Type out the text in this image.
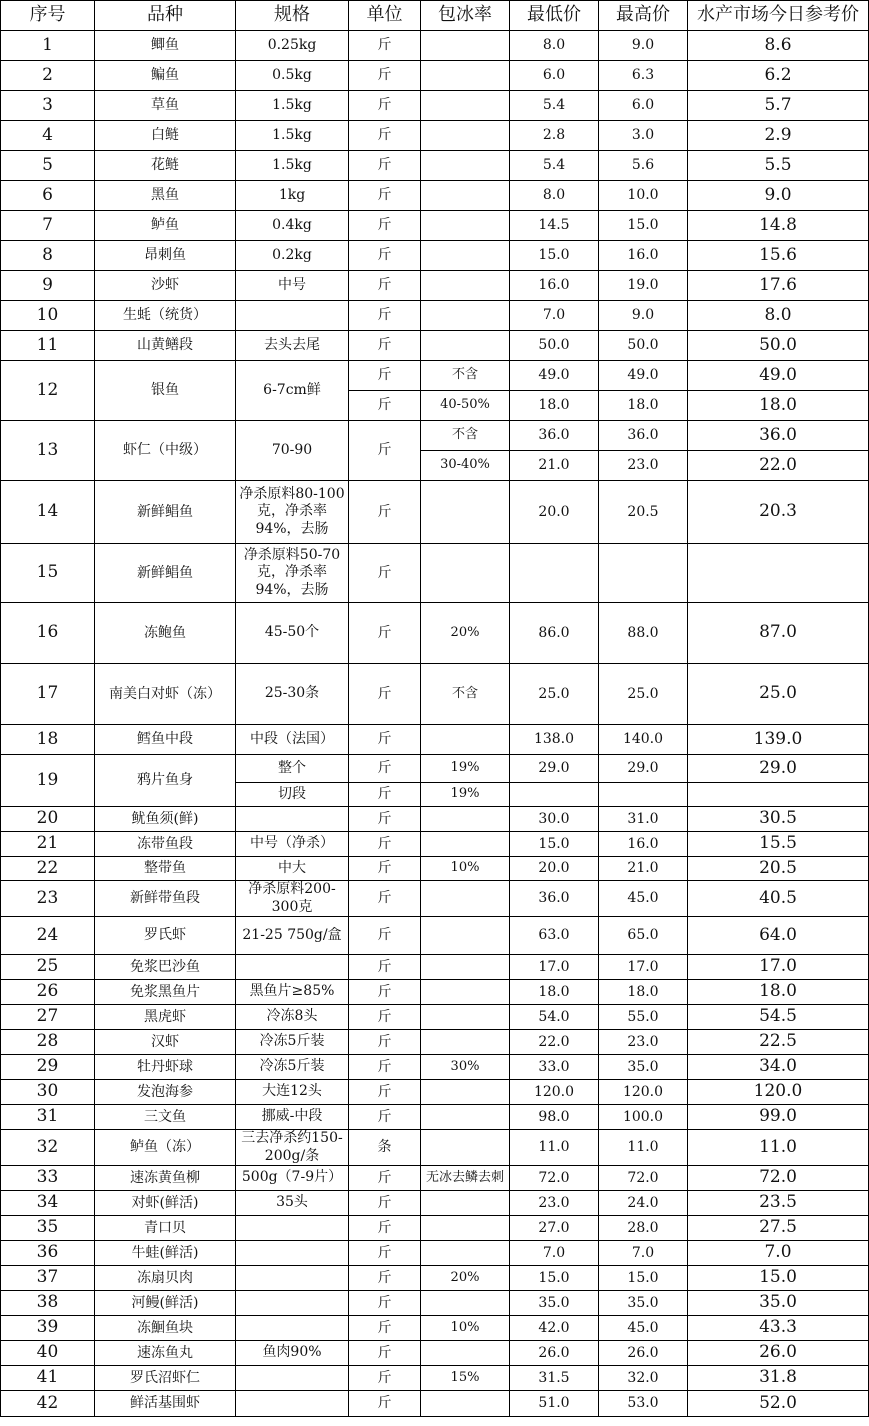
序号	品种	规格	单位	包冰率	最低价	最高价	水产市场今日参考价
1	鲫鱼	0.25kg	斤		8.0	9.0	8.6
2	鳊鱼	0.5kg	斤		6.0	6.3	6.2
3	草鱼	1.5kg	斤		5.4	6.0	5.7
4	白鲢	1.5kg	斤		2.8	3.0	2.9
5	花鲢	1.5kg	斤		5.4	5.6	5.5
6	黑鱼	1kg	斤		8.0	10.0	9.0
7	鲈鱼	0.4kg	斤		14.5	15.0	14.8
8	昂刺鱼	0.2kg	斤		15.0	16.0	15.6
9	沙虾	中号	斤		16.0	19.0	17.6
10	生蚝（统货）		斤		7.0	9.0	8.0
11	山黄鳝段	去头去尾	斤		50.0	50.0	50.0
12	银鱼	6-7cm鲜	斤	不含	49.0	49.0	49.0
			斤	40-50%	18.0	18.0	18.0
13	虾仁（中级）	70-90	斤	不含	36.0	36.0	36.0
				30-40%	21.0	23.0	22.0
14	新鲜鲳鱼	净杀原料80-100克，净杀率94%，去肠	斤		20.0	20.5	20.3
15	新鲜鲳鱼	净杀原料50-70克，净杀率94%，去肠	斤				
16	冻鲍鱼	45-50个	斤	20%	86.0	88.0	87.0
17	南美白对虾（冻）	25-30条	斤	不含	25.0	25.0	25.0
18	鳕鱼中段	中段（法国）	斤		138.0	140.0	139.0
19	鸦片鱼身	整个	斤	19%	29.0	29.0	29.0
		切段	斤	19%			
20	鱿鱼须(鲜)		斤		30.0	31.0	30.5
21	冻带鱼段	中号（净杀）	斤		15.0	16.0	15.5
22	整带鱼	中大	斤	10%	20.0	21.0	20.5
23	新鲜带鱼段	净杀原料200-300克	斤		36.0	45.0	40.5
24	罗氏虾	21-25 750g/盒	斤		63.0	65.0	64.0
25	免浆巴沙鱼		斤		17.0	17.0	17.0
26	免浆黑鱼片	黑鱼片≥85%	斤		18.0	18.0	18.0
27	黑虎虾	冷冻8头	斤		54.0	55.0	54.5
28	汉虾	冷冻5斤装	斤		22.0	23.0	22.5
29	牡丹虾球	冷冻5斤装	斤	30%	33.0	35.0	34.0
30	发泡海参	大连12头	斤		120.0	120.0	120.0
31	三文鱼	挪威-中段	斤		98.0	100.0	99.0
32	鲈鱼（冻）	三去净杀约150-200g/条	条		11.0	11.0	11.0
33	速冻黄鱼柳	500g（7-9片）	斤	无冰去鳞去刺	72.0	72.0	72.0
34	对虾(鲜活)	35头	斤		23.0	24.0	23.5
35	青口贝		斤		27.0	28.0	27.5
36	牛蛙(鲜活)		斤		7.0	7.0	7.0
37	冻扇贝肉		斤	20%	15.0	15.0	15.0
38	河鳗(鲜活)		斤		35.0	35.0	35.0
39	冻鮰鱼块		斤	10%	42.0	45.0	43.3
40	速冻鱼丸	鱼肉90%	斤		26.0	26.0	26.0
41	罗氏沼虾仁		斤	15%	31.5	32.0	31.8
42	鲜活基围虾		斤		51.0	53.0	52.0
